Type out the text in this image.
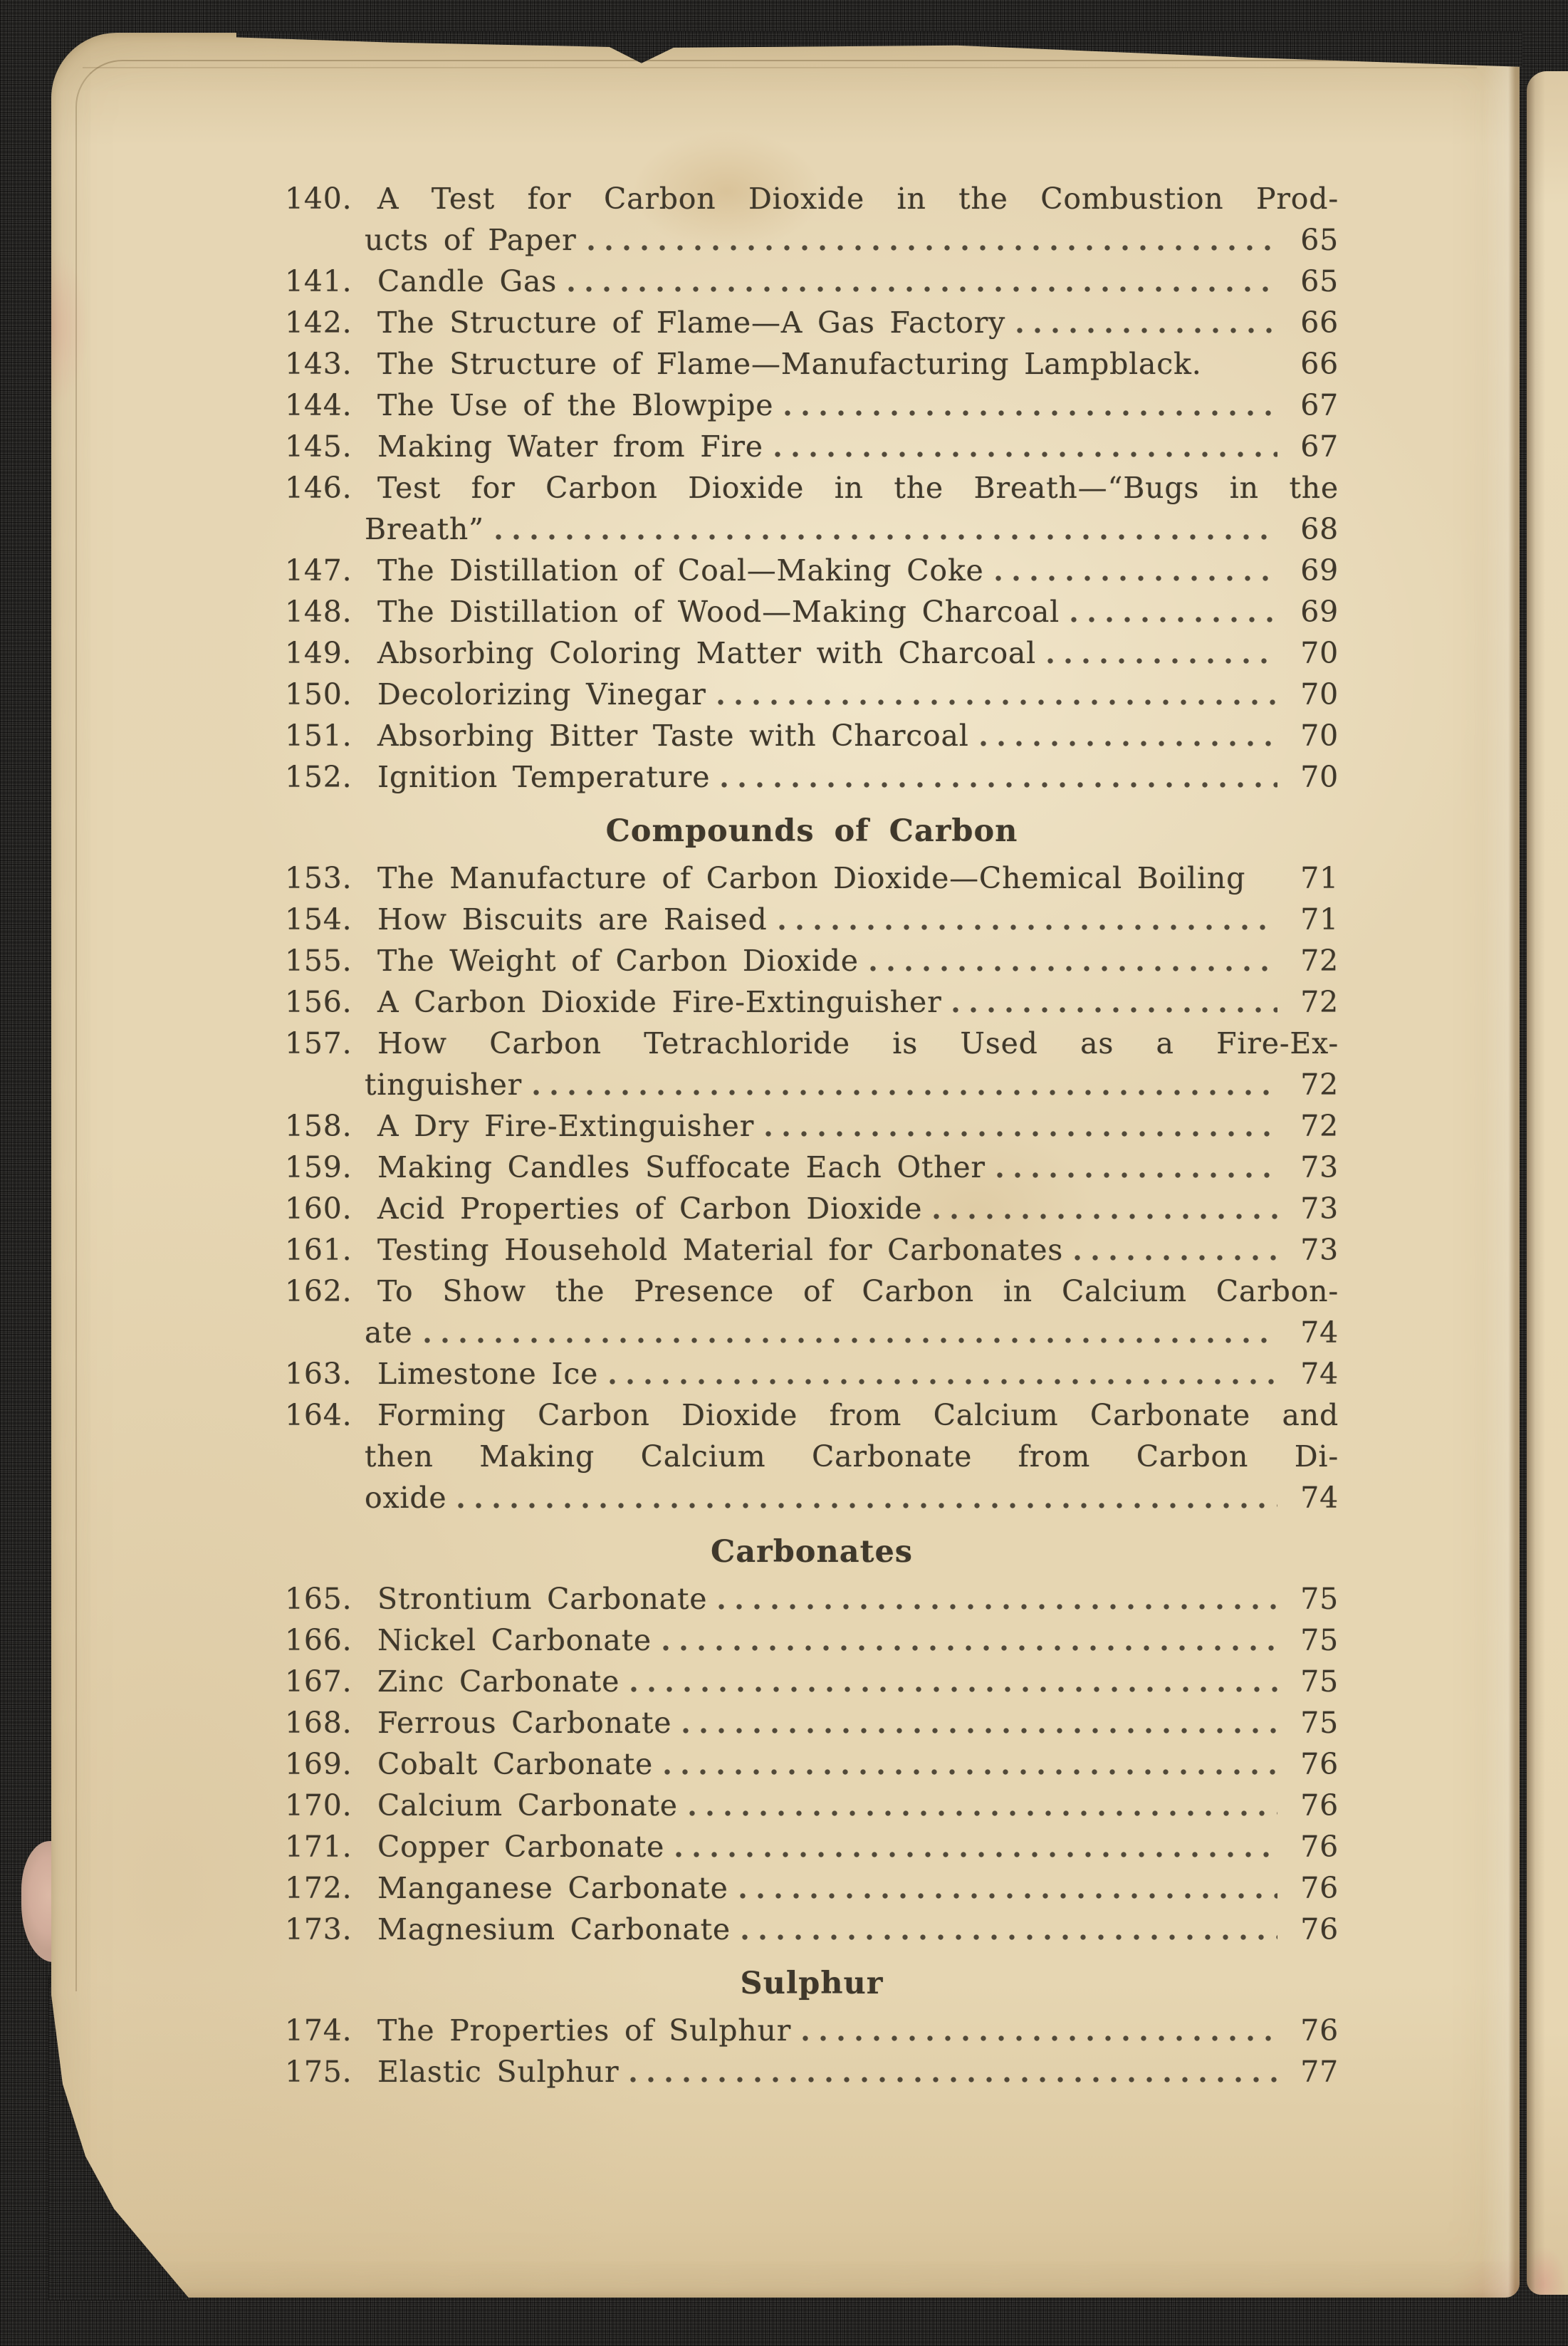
140. A Test for Carbon Dioxide in the Combustion Prod-
ucts of Paper	65
141. Candle Gas	65
142. The Structure of Flame—A Gas Factory	66
143. The Structure of Flame—Manufacturing Lampblack.	66
144. The Use of the Blowpipe	67
145. Making Water from Fire	67
146. Test for Carbon Dioxide in the Breath—“Bugs in the
Breath”	68
147. The Distillation of Coal—Making Coke	69
148. The Distillation of Wood—Making Charcoal	69
149. Absorbing Coloring Matter with Charcoal	70
150. Decolorizing Vinegar	70
151. Absorbing Bitter Taste with Charcoal	70
152. Ignition Temperature	70
Compounds of Carbon
153. The Manufacture of Carbon Dioxide—Chemical Boiling	71
154. How Biscuits are Raised	71
155. The Weight of Carbon Dioxide	72
156. A Carbon Dioxide Fire-Extinguisher	72
157. How Carbon Tetrachloride is Used as a Fire-Ex-
tinguisher	72
158. A Dry Fire-Extinguisher	72
159. Making Candles Suffocate Each Other	73
160. Acid Properties of Carbon Dioxide	73
161. Testing Household Material for Carbonates	73
162. To Show the Presence of Carbon in Calcium Carbon-
ate	74
163. Limestone Ice	74
164. Forming Carbon Dioxide from Calcium Carbonate and
then Making Calcium Carbonate from Carbon Di-
oxide	74
Carbonates
165. Strontium Carbonate	75
166. Nickel Carbonate	75
167. Zinc Carbonate	75
168. Ferrous Carbonate	75
169. Cobalt Carbonate	76
170. Calcium Carbonate	76
171. Copper Carbonate	76
172. Manganese Carbonate	76
173. Magnesium Carbonate	76
Sulphur
174. The Properties of Sulphur	76
175. Elastic Sulphur	77
